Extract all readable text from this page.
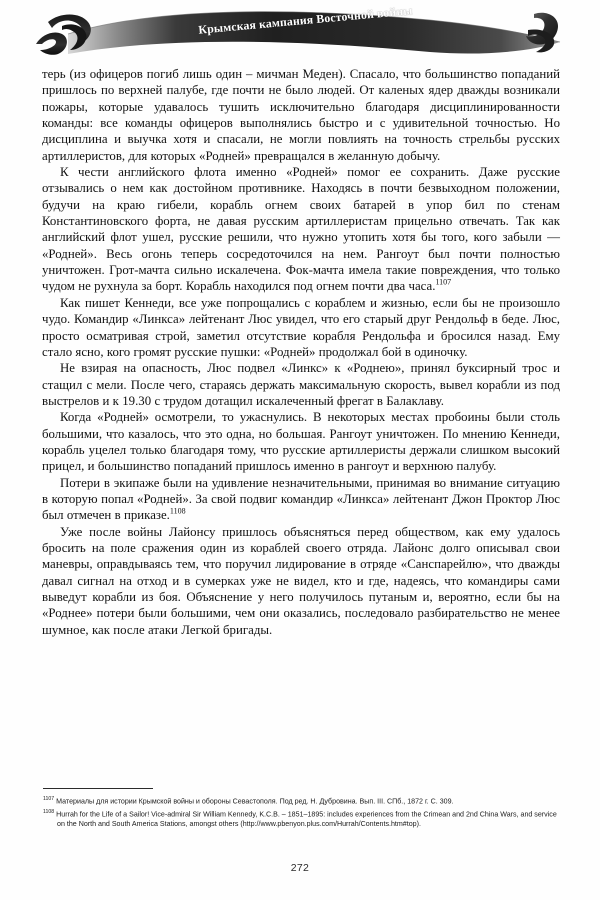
Крымская кампания Восточной войны

терь (из офицеров погиб лишь один – мичман Меден). Спасало, что большинство попаданий пришлось по верхней палубе, где почти не было людей. От каленых ядер дважды возникали пожары, которые удавалось тушить исключительно благодаря дисциплинированности команды: все команды офицеров выполнялись быстро и с удивительной точностью. Но дисциплина и выучка хотя и спасали, не могли повлиять на точность стрельбы русских артиллеристов, для которых «Родней» превращался в желанную добычу.

К чести английского флота именно «Родней» помог ее сохранить. Даже русские отзывались о нем как достойном противнике. Находясь в почти безвыходном положении, будучи на краю гибели, корабль огнем своих батарей в упор бил по стенам Константиновского форта, не давая русским артиллеристам прицельно отвечать. Так как английский флот ушел, русские решили, что нужно утопить хотя бы того, кого забыли — «Родней». Весь огонь теперь сосредоточился на нем. Рангоут был почти полностью уничтожен. Грот-мачта сильно искалечена. Фок-мачта имела такие повреждения, что только чудом не рухнула за борт. Корабль находился под огнем почти два часа.$^{1107}$

Как пишет Кеннеди, все уже попрощались с кораблем и жизнью, если бы не произошло чудо. Командир «Линкса» лейтенант Люс увидел, что его старый друг Рендольф в беде. Люс, просто осматривая строй, заметил отсутствие корабля Рендольфа и бросился назад. Ему стало ясно, кого громят русские пушки: «Родней» продолжал бой в одиночку.

Не взирая на опасность, Люс подвел «Линкс» к «Роднею», принял буксирный трос и стащил с мели. После чего, стараясь держать максимальную скорость, вывел корабли из под выстрелов и к 19.30 с трудом дотащил искалеченный фрегат в Балаклаву.

Когда «Родней» осмотрели, то ужаснулись. В некоторых местах пробоины были столь большими, что казалось, что это одна, но большая. Рангоут уничтожен. По мнению Кеннеди, корабль уцелел только благодаря тому, что русские артиллеристы держали слишком высокий прицел, и большинство попаданий пришлось именно в рангоут и верхнюю палубу.

Потери в экипаже были на удивление незначительными, принимая во внимание ситуацию в которую попал «Родней». За свой подвиг командир «Линкса» лейтенант Джон Проктор Люс был отмечен в приказе.$^{1108}$

Уже после войны Лайонсу пришлось объясняться перед обществом, как ему удалось бросить на поле сражения один из кораблей своего отряда. Лайонс долго описывал свои маневры, оправдываясь тем, что поручил лидирование в отряде «Санспарейлю», что дважды давал сигнал на отход и в сумерках уже не видел, кто и где, надеясь, что командиры сами выведут корабли из боя. Объяснение у него получилось путаным и, вероятно, если бы на «Роднее» потери были большими, чем они оказались, последовало разбирательство не менее шумное, как после атаки Легкой бригады.

$^{1107}$ Материалы для истории Крымской войны и обороны Севастополя. Под ред. Н. Дубровина. Вып. III. СПб., 1872 г. С. 309.
$^{1108}$ Hurrah for the Life of a Sailor! Vice-admiral Sir William Kennedy, K.C.B. – 1851–1895: includes experiences from the Crimean and 2nd China Wars, and service on the North and South America Stations, amongst others (http://www.pbenyon.plus.com/Hurrah/Contents.htm#top).
272
